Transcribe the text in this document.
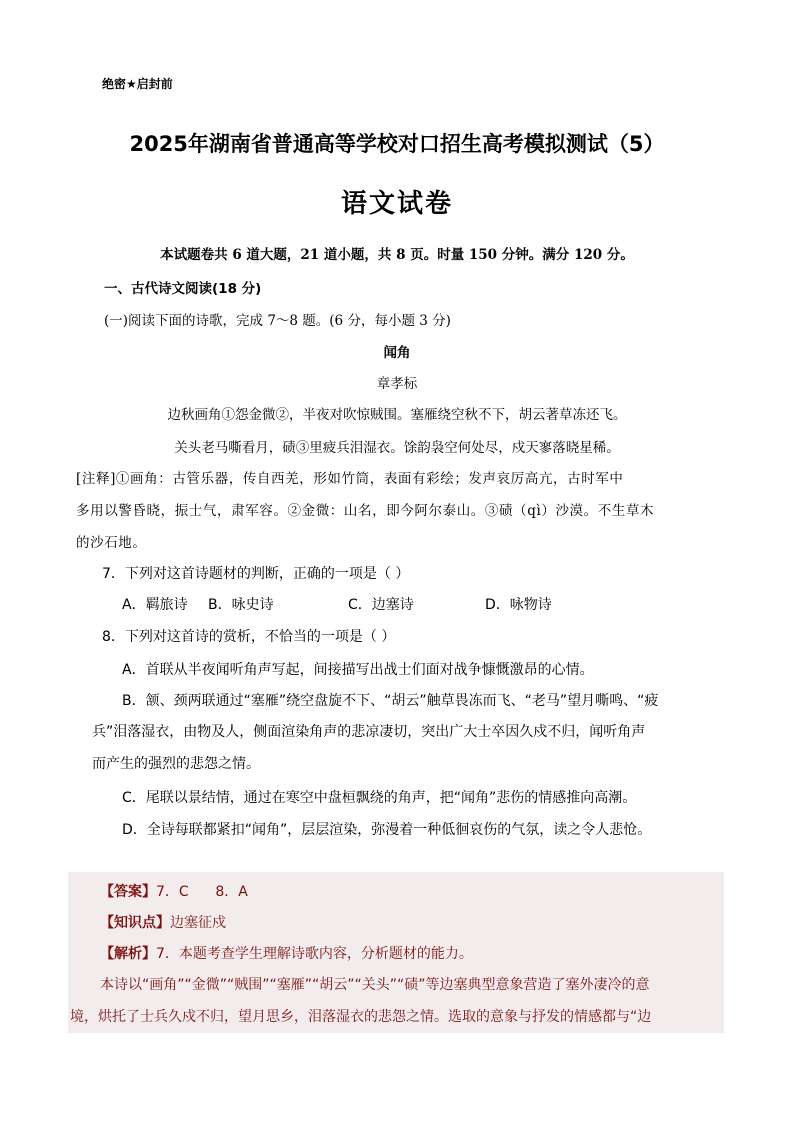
绝密★启封前
2025年湖南省普通高等学校对口招生高考模拟测试（5）
语文试卷
本试题卷共 6 道大题，21 道小题，共 8 页。时量 150 分钟。满分 120 分。
一、古代诗文阅读(18 分)
(一)阅读下面的诗歌，完成 7～8 题。(6 分，每小题 3 分)
闻角
章孝标
边秋画角①怨金微②，半夜对吹惊贼围。塞雁绕空秋不下，胡云著草冻还飞。
关头老马嘶看月，碛③里疲兵泪湿衣。馀韵袅空何处尽，戍天寥落晓星稀。
[注释]①画角：古管乐器，传自西羌，形如竹筒，表面有彩绘；发声哀厉高亢，古时军中
多用以警昏晓，振士气，肃军容。②金微：山名，即今阿尔泰山。③碛（qì）沙漠。不生草木
的沙石地。
7．下列对这首诗题材的判断，正确的一项是（ ）
A．羁旅诗 B．咏史诗	C．边塞诗	D．咏物诗
8．下列对这首诗的赏析，不恰当的一项是（ ）
A．首联从半夜闻听角声写起，间接描写出战士们面对战争慷慨激昂的心情。
B．颔、颈两联通过“塞雁”绕空盘旋不下、“胡云”触草畏冻而飞、“老马”望月嘶鸣、“疲
兵”泪落湿衣，由物及人，侧面渲染角声的悲凉凄切，突出广大士卒因久戍不归，闻听角声
而产生的强烈的悲怨之情。
C．尾联以景结情，通过在寒空中盘桓飘绕的角声，把“闻角”悲伤的情感推向高潮。
D．全诗每联都紧扣“闻角”，层层渲染，弥漫着一种低徊哀伤的气氛，读之令人悲怆。
【答案】7．C      8．A
【知识点】边塞征戍
【解析】7．本题考查学生理解诗歌内容，分析题材的能力。
本诗以“画角”“金微”“贼围”“塞雁”“胡云”“关头”“碛”等边塞典型意象营造了塞外凄冷的意
境，烘托了士兵久戍不归，望月思乡，泪落湿衣的悲怨之情。选取的意象与抒发的情感都与“边
